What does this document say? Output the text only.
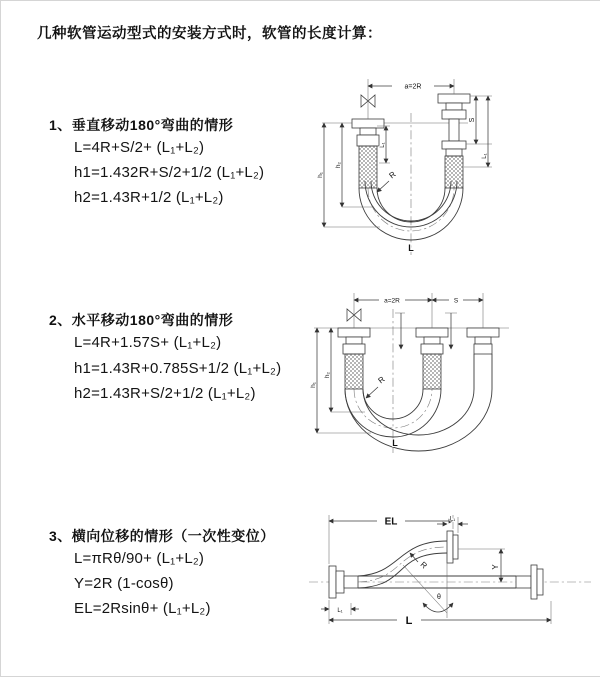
几种软管运动型式的安装方式时，软管的长度计算：
1、垂直移动180°弯曲的情形
L=4R+S/2+ (L₁+L₂)
h1=1.432R+S/2+1/2 (L₁+L₂)
h2=1.43R+1/2 (L₁+L₂)
a=2R
h₁
h₂
L₁
S
L₁
R
L
2、水平移动180°弯曲的情形
L=4R+1.57S+ (L₁+L₂)
h1=1.43R+0.785S+1/2 (L₁+L₂)
h2=1.43R+S/2+1/2 (L₁+L₂)
a=2R	S
h₁
h₂	R
L
3、横向位移的情形（一次性变位）
L=πRθ/90+ (L₁+L₂)
Y=2R (1-cosθ)
EL=2Rsinθ+ (L₁+L₂)
θ
R
EL	L₁
Y
L₁
L
